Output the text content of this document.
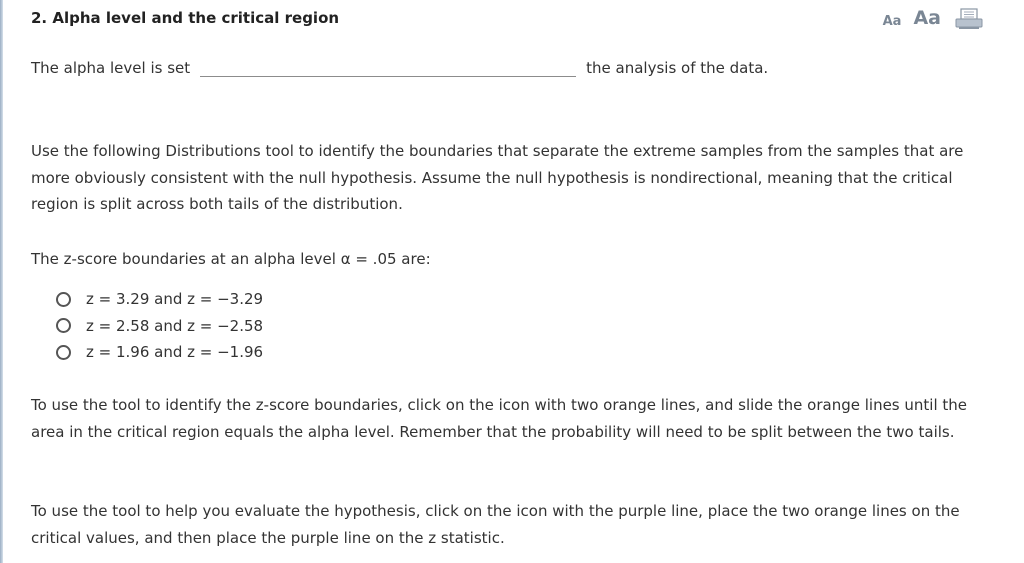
2. Alpha level and the critical region	Aa Aa
The alpha level is set	the analysis of the data.

Use the following Distributions tool to identify the boundaries that separate the extreme samples from the samples that are more obviously consistent with the null hypothesis. Assume the null hypothesis is nondirectional, meaning that the critical region is split across both tails of the distribution.

The z-score boundaries at an alpha level α = .05 are:

z = 3.29 and z = −3.29
z = 2.58 and z = −2.58
z = 1.96 and z = −1.96

To use the tool to identify the z-score boundaries, click on the icon with two orange lines, and slide the orange lines until the area in the critical region equals the alpha level. Remember that the probability will need to be split between the two tails.

To use the tool to help you evaluate the hypothesis, click on the icon with the purple line, place the two orange lines on the critical values, and then place the purple line on the z statistic.
